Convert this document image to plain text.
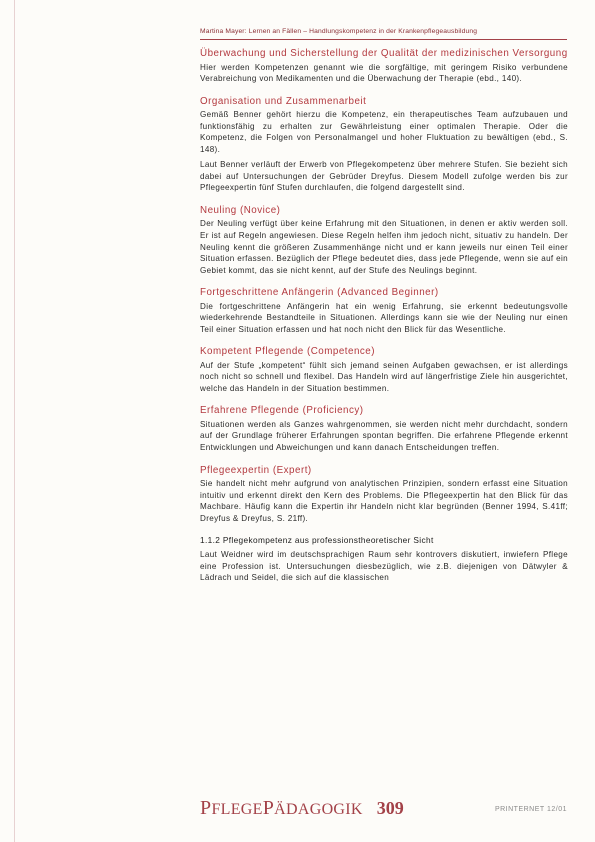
Martina Mayer: Lernen an Fällen – Handlungskompetenz in der Krankenpflegeausbildung
Überwachung und Sicherstellung der Qualität der medizinischen Versorgung

Hier werden Kompetenzen genannt wie die sorgfältige, mit geringem Risiko verbundene Verabreichung von Medikamenten und die Überwachung der Therapie (ebd., 140).

Organisation und Zusammenarbeit

Gemäß Benner gehört hierzu die Kompetenz, ein therapeutisches Team aufzubauen und funktionsfähig zu erhalten zur Gewährleistung einer optimalen Therapie. Oder die Kompetenz, die Folgen von Personalmangel und hoher Fluktuation zu bewältigen (ebd., S. 148).

Laut Benner verläuft der Erwerb von Pflegekompetenz über mehrere Stufen. Sie bezieht sich dabei auf Untersuchungen der Gebrüder Dreyfus. Diesem Modell zufolge werden bis zur Pflegeexpertin fünf Stufen durchlaufen, die folgend dargestellt sind.

Neuling (Novice)

Der Neuling verfügt über keine Erfahrung mit den Situationen, in denen er aktiv werden soll. Er ist auf Regeln angewiesen. Diese Regeln helfen ihm jedoch nicht, situativ zu handeln. Der Neuling kennt die größeren Zusammenhänge nicht und er kann jeweils nur einen Teil einer Situation erfassen. Bezüglich der Pflege bedeutet dies, dass jede Pflegende, wenn sie auf ein Gebiet kommt, das sie nicht kennt, auf der Stufe des Neulings beginnt.

Fortgeschrittene Anfängerin (Advanced Beginner)

Die fortgeschrittene Anfängerin hat ein wenig Erfahrung, sie erkennt bedeutungsvolle wiederkehrende Bestandteile in Situationen. Allerdings kann sie wie der Neuling nur einen Teil einer Situation erfassen und hat noch nicht den Blick für das Wesentliche.

Kompetent Pflegende (Competence)

Auf der Stufe „kompetent“ fühlt sich jemand seinen Aufgaben gewachsen, er ist allerdings noch nicht so schnell und flexibel. Das Handeln wird auf längerfristige Ziele hin ausgerichtet, welche das Handeln in der Situation bestimmen.

Erfahrene Pflegende (Proficiency)

Situationen werden als Ganzes wahrgenommen, sie werden nicht mehr durchdacht, sondern auf der Grundlage früherer Erfahrungen spontan begriffen. Die erfahrene Pflegende erkennt Entwicklungen und Abweichungen und kann danach Entscheidungen treffen.

Pflegeexpertin (Expert)

Sie handelt nicht mehr aufgrund von analytischen Prinzipien, sondern erfasst eine Situation intuitiv und erkennt direkt den Kern des Problems. Die Pflegeexpertin hat den Blick für das Machbare. Häufig kann die Expertin ihr Handeln nicht klar begründen (Benner 1994, S.41ff; Dreyfus & Dreyfus, S. 21ff).

1.1.2 Pflegekompetenz aus professionstheoretischer Sicht

Laut Weidner wird im deutschsprachigen Raum sehr kontrovers diskutiert, inwiefern Pflege eine Profession ist. Untersuchungen diesbezüglich, wie z.B. diejenigen von Dätwyler & Lädrach und Seidel, die sich auf die klassischen

PFLEGEPÄDAGOGIK 309	PRINTERNET 12/01
